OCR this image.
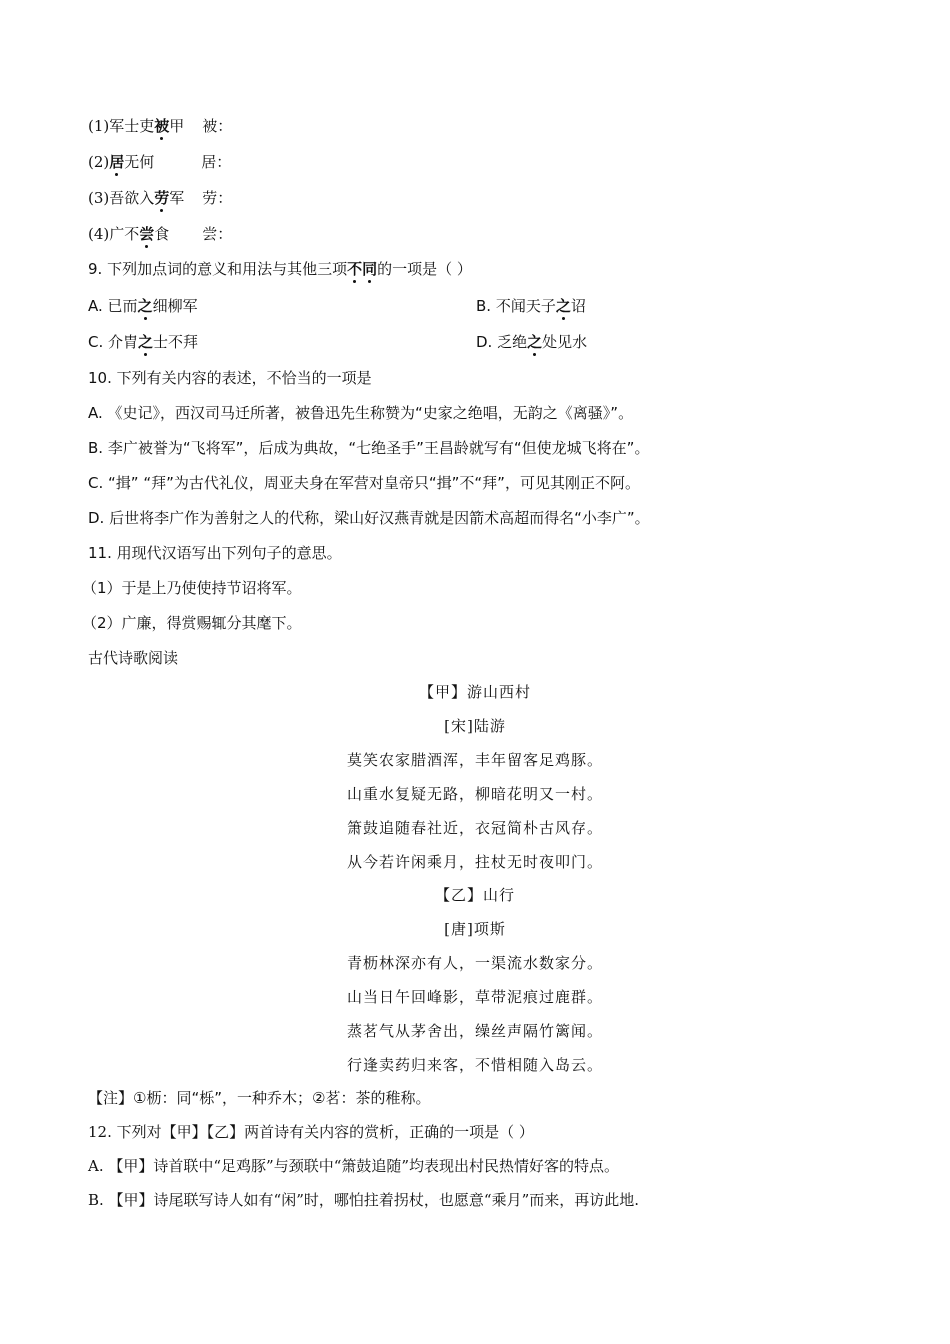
(1)军士吏被甲 被：
(2)居无何	居：
(3)吾欲入劳军 劳：
(4)广不尝食 尝：
9. 下列加点词的意义和用法与其他三项不同的一项是（ ）
A. 已而之细柳军	B. 不闻天子之诏
C. 介胄之士不拜	D. 乏绝之处见水
10. 下列有关内容的表述，不恰当的一项是
A. 《史记》，西汉司马迁所著，被鲁迅先生称赞为“史家之绝唱，无韵之《离骚》”。
B. 李广被誉为“飞将军”，后成为典故，“七绝圣手”王昌龄就写有“但使龙城飞将在”。
C. “揖” “拜”为古代礼仪，周亚夫身在军营对皇帝只“揖”不“拜”，可见其刚正不阿。
D. 后世将李广作为善射之人的代称，梁山好汉燕青就是因箭术高超而得名“小李广”。
11. 用现代汉语写出下列句子的意思。
（1）于是上乃使使持节诏将军。
（2）广廉，得赏赐辄分其麾下。
古代诗歌阅读
【甲】游山西村
[宋]陆游
莫笑农家腊酒浑，丰年留客足鸡豚。
山重水复疑无路，柳暗花明又一村。
箫鼓追随春社近，衣冠简朴古风存。
从今若许闲乘月，拄杖无时夜叩门。
【乙】山行
[唐]项斯
青枥林深亦有人，一渠流水数家分。
山当日午回峰影，草带泥痕过鹿群。
蒸茗气从茅舍出，缲丝声隔竹篱闻。
行逢卖药归来客，不惜相随入岛云。
【注】①枥：同“栎”，一种乔木；②茗：茶的稚称。
12. 下列对【甲】【乙】两首诗有关内容的赏析，正确的一项是（ ）
A. 【甲】诗首联中“足鸡豚”与颈联中“箫鼓追随”均表现出村民热情好客的特点。
B. 【甲】诗尾联写诗人如有“闲”时，哪怕拄着拐杖，也愿意“乘月”而来，再访此地.
